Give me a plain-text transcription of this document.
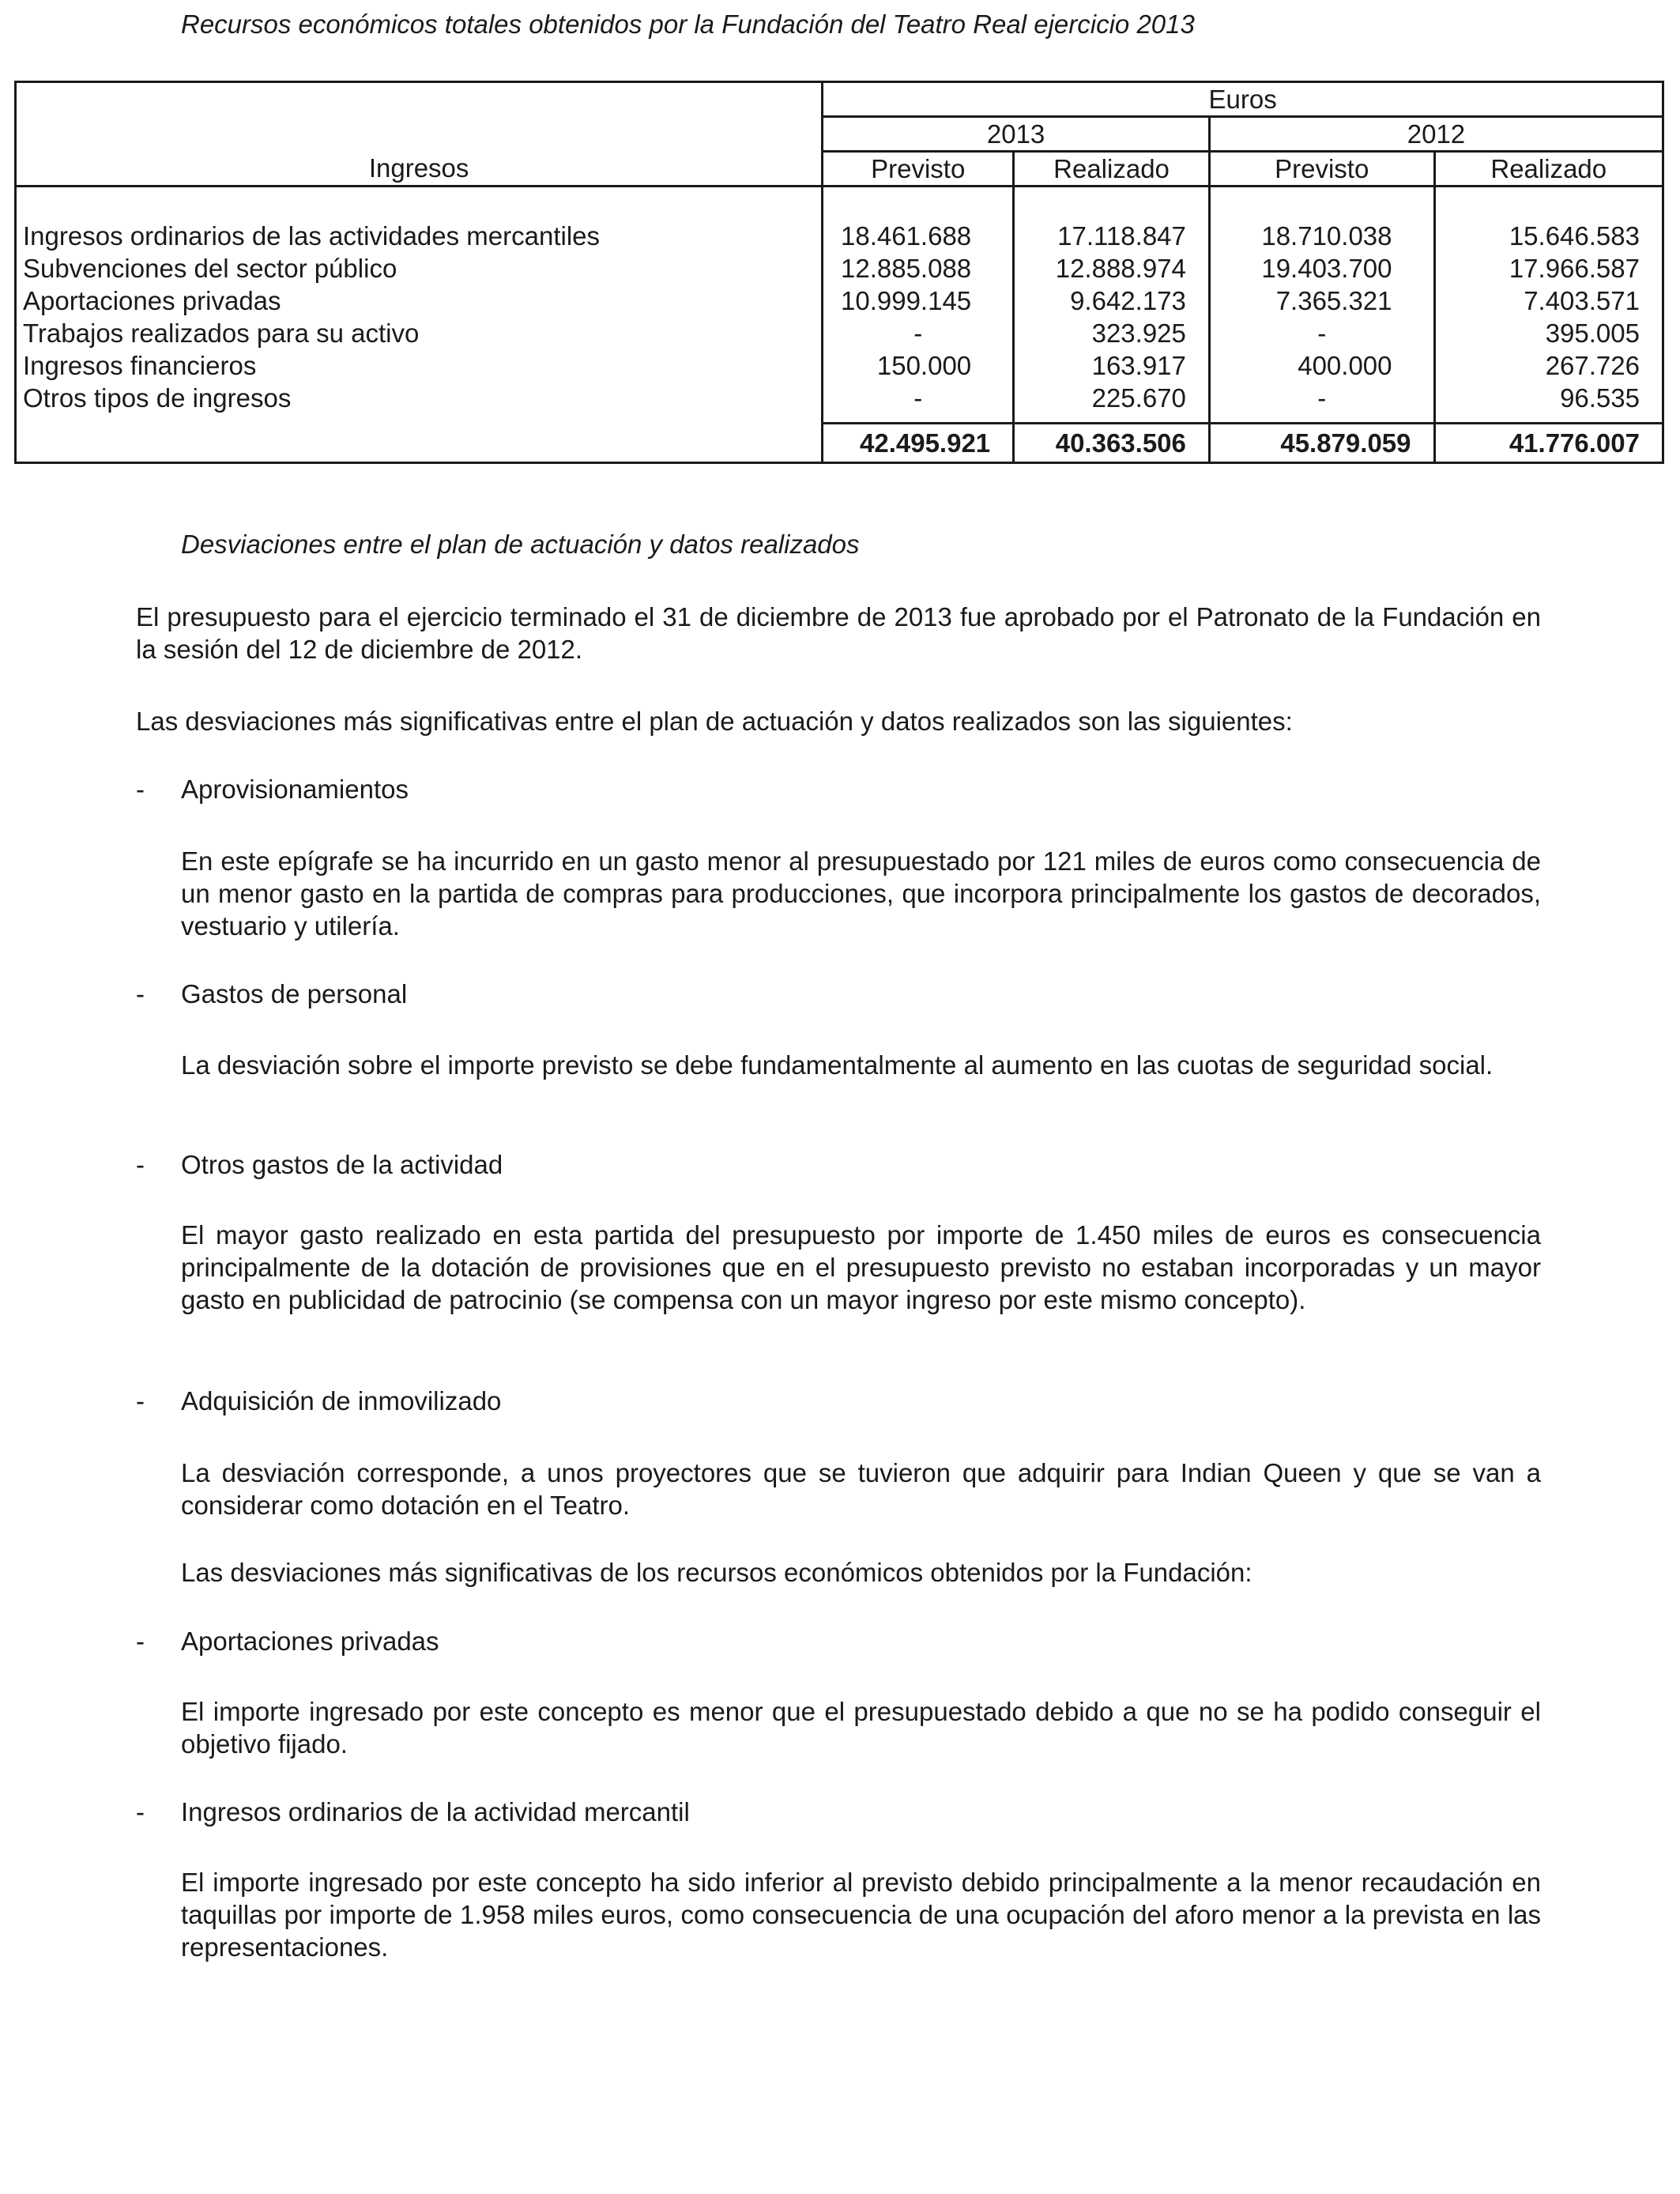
Recursos económicos totales obtenidos por la Fundación del Teatro Real ejercicio 2013
	Euros			
	2013		2012	
Ingresos	Previsto	Realizado	Previsto	Realizado

Ingresos ordinarios de las actividades mercantiles	18.461.688	17.118.847	18.710.038	15.646.583
Subvenciones del sector público	12.885.088	12.888.974	19.403.700	17.966.587
Aportaciones privadas	10.999.145	9.642.173	7.365.321	7.403.571
Trabajos realizados para su activo	-	323.925	-	395.005
Ingresos financieros	150.000	163.917	400.000	267.726
Otros tipos de ingresos	-	225.670	-	96.535

	42.495.921	40.363.506	45.879.059	41.776.007
Desviaciones entre el plan de actuación y datos realizados
El presupuesto para el ejercicio terminado el 31 de diciembre de 2013 fue aprobado por el Patronato de la Fundación en la sesión del 12 de diciembre de 2012.
Las desviaciones más significativas entre el plan de actuación y datos realizados son las siguientes:
- Aprovisionamientos
En este epígrafe se ha incurrido en un gasto menor al presupuestado por 121 miles de euros como consecuencia de un menor gasto en la partida de compras para producciones, que incorpora principalmente los gastos de decorados, vestuario y utilería.
- Gastos de personal
La desviación sobre el importe previsto se debe fundamentalmente al aumento en las cuotas de seguridad social.
- Otros gastos de la actividad
El mayor gasto realizado en esta partida del presupuesto por importe de 1.450 miles de euros es consecuencia principalmente de la dotación de provisiones que en el presupuesto previsto no estaban incorporadas y un mayor gasto en publicidad de patrocinio (se compensa con un mayor ingreso por este mismo concepto).
- Adquisición de inmovilizado
La desviación corresponde, a unos proyectores que se tuvieron que adquirir para Indian Queen y que se van a considerar como dotación en el Teatro.
Las desviaciones más significativas de los recursos económicos obtenidos por la Fundación:
- Aportaciones privadas
El importe ingresado por este concepto es menor que el presupuestado debido a que no se ha podido conseguir el objetivo fijado.
- Ingresos ordinarios de la actividad mercantil
El importe ingresado por este concepto ha sido inferior al previsto debido principalmente a la menor recaudación en taquillas por importe de 1.958 miles euros, como consecuencia de una ocupación del aforo menor a la prevista en las representaciones.
